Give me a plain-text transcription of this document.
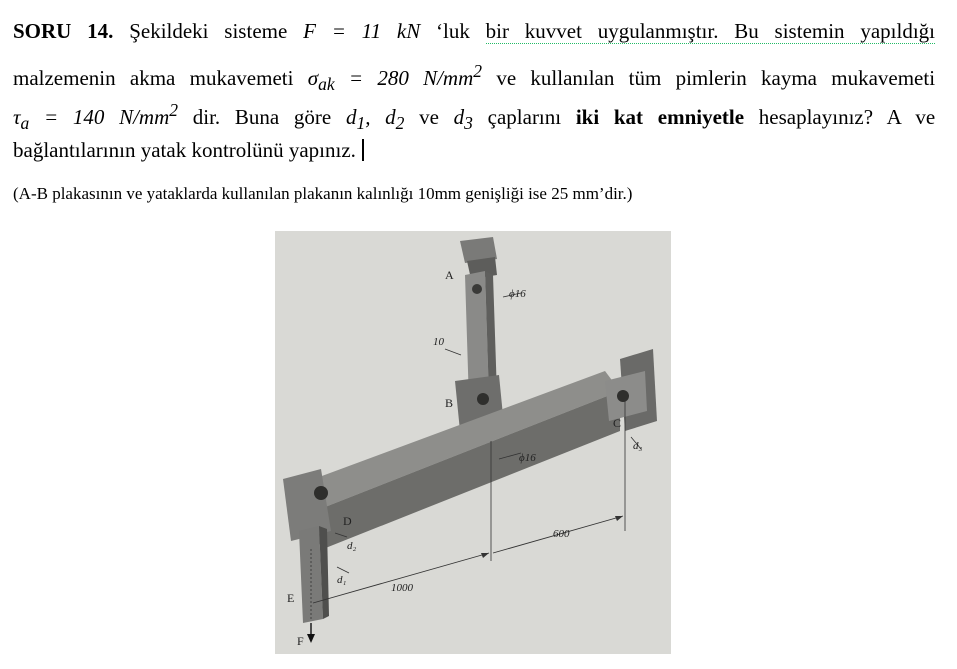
SORU 14. Şekildeki sisteme F = 11 kN ‘luk bir kuvvet uygulanmıştır. Bu sistemin yapıldığı
malzemenin akma mukavemeti $\sigma_{ak} = 280$ $N/mm^2$ ve kullanılan tüm pimlerin kayma mukavemeti
$\tau_a = 140$ $N/mm^2$ dir. Buna göre $d_1$, $d_2$ ve $d_3$ çaplarını iki kat emniyetle hesaplayınız? A ve
bağlantılarının yatak kontrolünü yapınız.
(A-B plakasının ve yataklarda kullanılan plakanın kalınlığı 10mm genişliği ise 25 mm’dir.)
A
B
C
D
E
F
d₂
d₁
d₃
ϕ16
ϕ16
10
1000
600
